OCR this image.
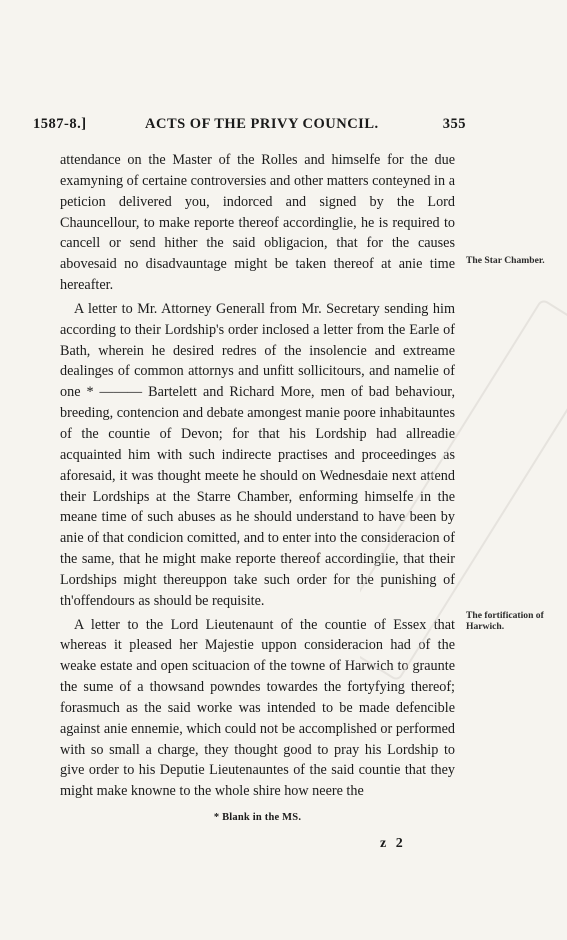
1587-8.]	ACTS OF THE PRIVY COUNCIL.	355

attendance on the Master of the Rolles and himselfe for the due examyning of certaine controversies and other matters conteyned in a peticion delivered you, indorced and signed by the Lord Chauncellour, to make reporte thereof accordinglie, he is required to cancell or send hither the said obligacion, that for the causes abovesaid no disadvauntage might be taken thereof at anie time hereafter.

A letter to Mr. Attorney Generall from Mr. Secretary sending him according to their Lordship's order inclosed a letter from the Earle of Bath, wherein he desired redres of the insolencie and extreame dealinges of common attornys and unfitt sollicitours, and namelie of one * ——— Bartelett and Richard More, men of bad behaviour, breeding, contencion and debate amongest manie poore inhabitauntes of the countie of Devon; for that his Lordship had allreadie acquainted him with such indirecte practises and proceedinges as aforesaid, it was thought meete he should on Wednesdaie next attend their Lordships at the Starre Chamber, enforming himselfe in the meane time of such abuses as he should understand to have been by anie of that condicion comitted, and to enter into the consideracion of the same, that he might make reporte thereof accordinglie, that their Lordships might thereuppon take such order for the punishing of th'offendours as should be requisite.

A letter to the Lord Lieutenaunt of the countie of Essex that whereas it pleased her Majestie uppon consideracion had of the weake estate and open scituacion of the towne of Harwich to graunte the sume of a thowsand powndes towardes the fortyfying thereof; forasmuch as the said worke was intended to be made defencible against anie ennemie, which could not be accomplished or performed with so small a charge, they thought good to pray his Lordship to give order to his Deputie Lieutenauntes of the said countie that they might make knowne to the whole shire how neere the

The Star Chamber.
The fortification of Harwich.
* Blank in the MS.
z 2
